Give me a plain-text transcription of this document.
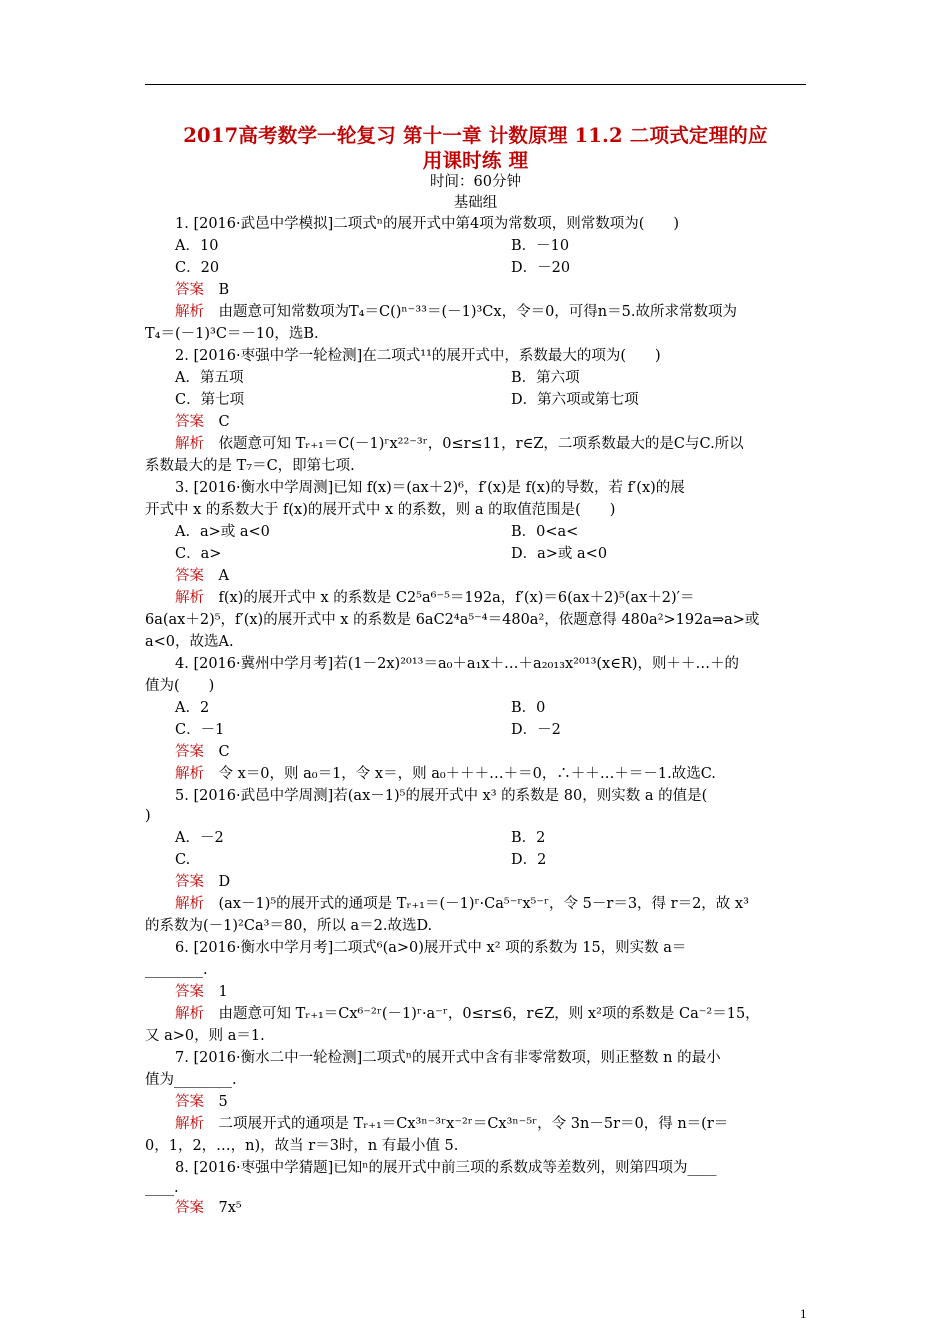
2017高考数学一轮复习 第十一章 计数原理 11.2 二项式定理的应
用课时练 理
时间：60分钟
基础组
1. [2016·武邑中学模拟]二项式ⁿ的展开式中第4项为常数项，则常数项为(　　)
A．10	B．－10
C．20	D．－20
答案　 B
解析　 由题意可知常数项为T₄＝C()ⁿ⁻³³＝(－1)³Cx，令＝0，可得n＝5.故所求常数项为
T₄＝(－1)³C＝－10，选B.
2. [2016·枣强中学一轮检测]在二项式¹¹的展开式中，系数最大的项为(　　)
A．第五项	B．第六项
C．第七项	D．第六项或第七项
答案　 C
解析　 依题意可知 Tᵣ₊₁＝C(－1)ʳx²²⁻³ʳ，0≤r≤11，r∈Z，二项系数最大的是C与C.所以
系数最大的是 T₇＝C，即第七项.
3. [2016·衡水中学周测]已知 f(x)＝(ax＋2)⁶，f′(x)是 f(x)的导数，若 f′(x)的展
开式中 x 的系数大于 f(x)的展开式中 x 的系数，则 a 的取值范围是(　　)
A．a>或 a<0	B．0<a<
C．a>	D．a>或 a<0
答案　 A
解析　 f(x)的展开式中 x 的系数是 C2⁵a⁶⁻⁵＝192a，f′(x)＝6(ax＋2)⁵(ax＋2)′＝
6a(ax＋2)⁵，f′(x)的展开式中 x 的系数是 6aC2⁴a⁵⁻⁴＝480a²，依题意得 480a²>192a⇒a>或
a<0，故选A.
4. [2016·冀州中学月考]若(1－2x)²⁰¹³＝a₀＋a₁x＋…＋a₂₀₁₃x²⁰¹³(x∈R)，则＋＋…＋的
值为(　　)
A．2	B．0
C．－1	D．－2
答案　 C
解析　 令 x＝0，则 a₀＝1，令 x＝，则 a₀＋＋＋…＋＝0，∴＋＋…＋＝－1.故选C.
5. [2016·武邑中学周测]若(ax－1)⁵的展开式中 x³ 的系数是 80，则实数 a 的值是(
)
A．－2	B．2
C.	D．2
答案　 D
解析　 (ax－1)⁵的展开式的通项是 Tᵣ₊₁＝(－1)ʳ·Ca⁵⁻ʳx⁵⁻ʳ，令 5－r＝3，得 r＝2，故 x³
的系数为(－1)²Ca³＝80，所以 a＝2.故选D.
6. [2016·衡水中学月考]二项式⁶(a>0)展开式中 x² 项的系数为 15，则实数 a＝
________.
答案　 1
解析　 由题意可知 Tᵣ₊₁＝Cx⁶⁻²ʳ(－1)ʳ·a⁻ʳ，0≤r≤6，r∈Z，则 x²项的系数是 Ca⁻²＝15，
又 a>0，则 a＝1.
7. [2016·衡水二中一轮检测]二项式ⁿ的展开式中含有非零常数项，则正整数 n 的最小
值为________.
答案　 5
解析　 二项展开式的通项是 Tᵣ₊₁＝Cx³ⁿ⁻³ʳx⁻²ʳ＝Cx³ⁿ⁻⁵ʳ，令 3n－5r＝0，得 n＝(r＝
0，1，2，…，n)，故当 r＝3时，n 有最小值 5.
8. [2016·枣强中学猜题]已知ⁿ的展开式中前三项的系数成等差数列，则第四项为____
____.
答案　 7x⁵
1
